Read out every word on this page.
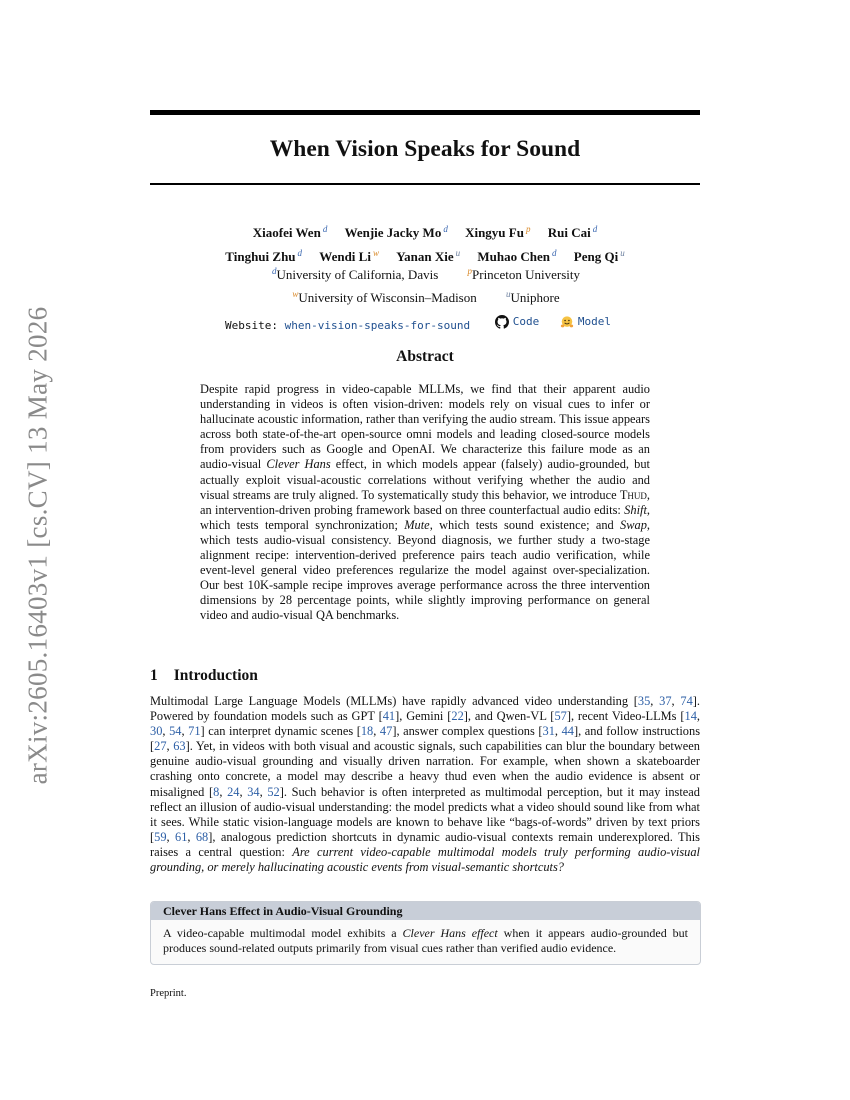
arXiv:2605.16403v1 [cs.CV] 13 May 2026
When Vision Speaks for Sound
Xiaofei Wen $^d$ Wenjie Jacky Mo $^d$ Xingyu Fu $^p$ Rui Cai $^d$
Tinghui Zhu $^d$ Wendi Li $^w$ Yanan Xie $^u$ Muhao Chen $^d$ Peng Qi $^u$
$^d$University of California, Davis	$^p$Princeton University
$^w$University of Wisconsin–Madison	$^u$Uniphore
Website: when-vision-speaks-for-sound	Code
	Model
Abstract

Despite rapid progress in video-capable MLLMs, we find that their apparent audio understanding in videos is often vision-driven: models rely on visual cues to infer or hallucinate acoustic information, rather than verifying the audio stream. This issue appears across both state-of-the-art open-source omni models and leading closed-source models from providers such as Google and OpenAI. We characterize this failure mode as an audio-visual Clever Hans effect, in which models appear (falsely) audio-grounded, but actually exploit visual-acoustic correlations without verifying whether the audio and visual streams are truly aligned. To systematically study this behavior, we introduce Thud, an intervention-driven probing framework based on three counterfactual audio edits: Shift, which tests temporal synchronization; Mute, which tests sound existence; and Swap, which tests audio-visual consistency. Beyond diagnosis, we further study a two-stage alignment recipe: intervention-derived preference pairs teach audio verification, while event-level general video preferences regularize the model against over-specialization. Our best 10K-sample recipe improves average performance across the three intervention dimensions by 28 percentage points, while slightly improving performance on general video and audio-visual QA benchmarks.

1 Introduction

Multimodal Large Language Models (MLLMs) have rapidly advanced video understanding [35, 37, 74]. Powered by foundation models such as GPT [41], Gemini [22], and Qwen-VL [57], recent Video-LLMs [14, 30, 54, 71] can interpret dynamic scenes [18, 47], answer complex questions [31, 44], and follow instructions [27, 63]. Yet, in videos with both visual and acoustic signals, such capabilities can blur the boundary between genuine audio-visual grounding and visually driven narration. For example, when shown a skateboarder crashing onto concrete, a model may describe a heavy thud even when the audio evidence is absent or misaligned [8, 24, 34, 52]. Such behavior is often interpreted as multimodal perception, but it may instead reflect an illusion of audio-visual understanding: the model predicts what a video should sound like from what it sees. While static vision-language models are known to behave like “bags-of-words” driven by text priors [59, 61, 68], analogous prediction shortcuts in dynamic audio-visual contexts remain underexplored. This raises a central question: Are current video-capable multimodal models truly performing audio-visual grounding, or merely hallucinating acoustic events from visual-semantic shortcuts?

Clever Hans Effect in Audio-Visual Grounding
A video-capable multimodal model exhibits a Clever Hans effect when it appears audio-grounded but produces sound-related outputs primarily from visual cues rather than verified audio evidence.
Preprint.
